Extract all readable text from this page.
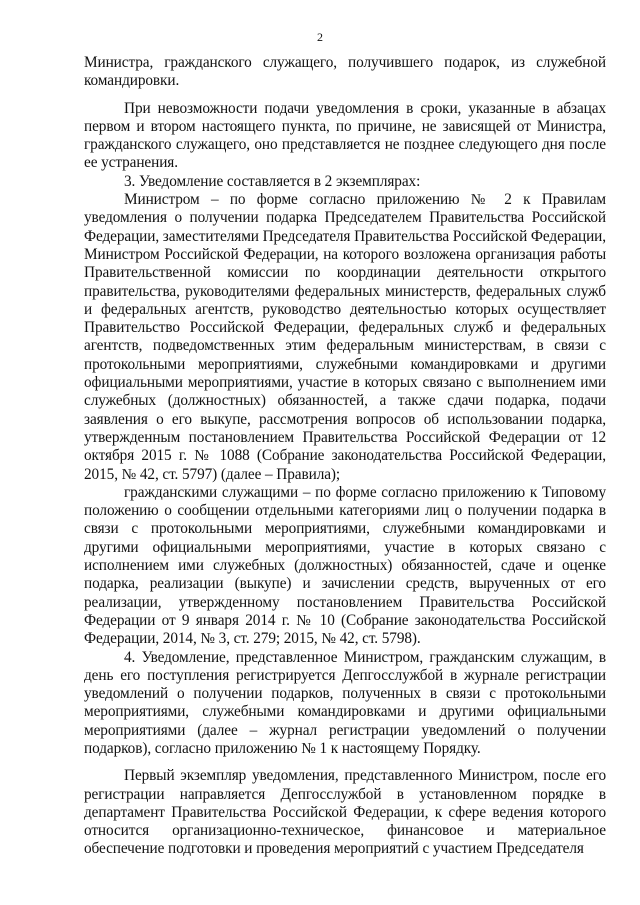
2

Министра, гражданского служащего, получившего подарок, из служебной командировки.

При невозможности подачи уведомления в сроки, указанные в абзацах первом и втором настоящего пункта, по причине, не зависящей от Министра, гражданского служащего, оно представляется не позднее следующего дня после ее устранения.

3. Уведомление составляется в 2 экземплярах:

Министром – по форме согласно приложению № 2 к Правилам уведомления о получении подарка Председателем Правительства Российской Федерации, заместителями Председателя Правительства Российской Федерации, Министром Российской Федерации, на которого возложена организация работы Правительственной комиссии по координации деятельности открытого правительства, руководителями федеральных министерств, федеральных служб и федеральных агентств, руководство деятельностью которых осуществляет Правительство Российской Федерации, федеральных служб и федеральных агентств, подведомственных этим федеральным министерствам, в связи с протокольными мероприятиями, служебными командировками и другими официальными мероприятиями, участие в которых связано с выполнением ими служебных (должностных) обязанностей, а также сдачи подарка, подачи заявления о его выкупе, рассмотрения вопросов об использовании подарка, утвержденным постановлением Правительства Российской Федерации от 12 октября 2015 г. № 1088 (Собрание законодательства Российской Федерации, 2015, № 42, ст. 5797) (далее – Правила);

гражданскими служащими – по форме согласно приложению к Типовому положению о сообщении отдельными категориями лиц о получении подарка в связи с протокольными мероприятиями, служебными командировками и другими официальными мероприятиями, участие в которых связано с исполнением ими служебных (должностных) обязанностей, сдаче и оценке подарка, реализации (выкупе) и зачислении средств, вырученных от его реализации, утвержденному постановлением Правительства Российской Федерации от 9 января 2014 г. № 10 (Собрание законодательства Российской Федерации, 2014, № 3, ст. 279; 2015, № 42, ст. 5798).

4. Уведомление, представленное Министром, гражданским служащим, в день его поступления регистрируется Депгосслужбой в журнале регистрации уведомлений о получении подарков, полученных в связи с протокольными мероприятиями, служебными командировками и другими официальными мероприятиями (далее – журнал регистрации уведомлений о получении подарков), согласно приложению № 1 к настоящему Порядку.

Первый экземпляр уведомления, представленного Министром, после его регистрации направляется Депгосслужбой в установленном порядке в департамент Правительства Российской Федерации, к сфере ведения которого относится организационно-техническое, финансовое и материальное обеспечение подготовки и проведения мероприятий с участием Председателя
